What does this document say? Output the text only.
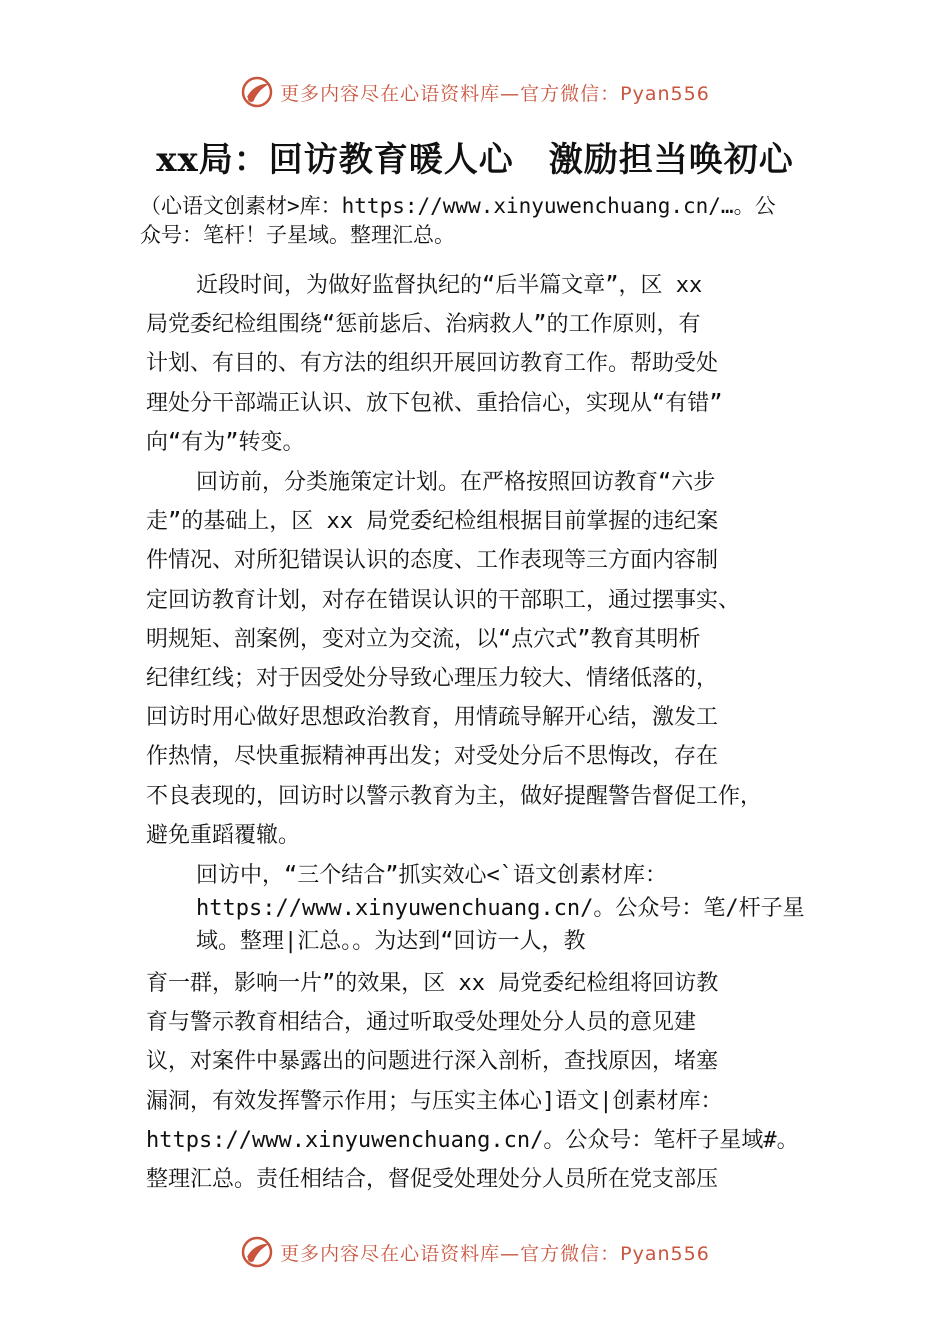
更多内容尽在心语资料库—官方微信：Pyan556
xx局：回访教育暖人心　激励担当唤初心
（心语文创素材>库：https://www.xinyuwenchuang.cn/…。公
众号：笔杆！子星域。整理汇总。
近段时间，为做好监督执纪的“后半篇文章”，区 xx
局党委纪检组围绕“惩前毖后、治病救人”的工作原则，有
计划、有目的、有方法的组织开展回访教育工作。帮助受处
理处分干部端正认识、放下包袱、重拾信心，实现从“有错”
向“有为”转变。
回访前，分类施策定计划。在严格按照回访教育“六步
走”的基础上，区 xx 局党委纪检组根据目前掌握的违纪案
件情况、对所犯错误认识的态度、工作表现等三方面内容制
定回访教育计划，对存在错误认识的干部职工，通过摆事实、
明规矩、剖案例，变对立为交流，以“点穴式”教育其明析
纪律红线；对于因受处分导致心理压力较大、情绪低落的，
回访时用心做好思想政治教育，用情疏导解开心结，激发工
作热情，尽快重振精神再出发；对受处分后不思悔改，存在
不良表现的，回访时以警示教育为主，做好提醒警告督促工作，
避免重蹈覆辙。
回访中，“三个结合”抓实效心<`语文创素材库：
https://www.xinyuwenchuang.cn/。公众号：笔/杆子星
域。整理|汇总。。为达到“回访一人，教
育一群，影响一片”的效果，区 xx 局党委纪检组将回访教
育与警示教育相结合，通过听取受处理处分人员的意见建
议，对案件中暴露出的问题进行深入剖析，查找原因，堵塞
漏洞，有效发挥警示作用；与压实主体心]语文|创素材库：
https://www.xinyuwenchuang.cn/。公众号：笔杆子星域#。
整理汇总。责任相结合，督促受处理处分人员所在党支部压
更多内容尽在心语资料库—官方微信：Pyan556
